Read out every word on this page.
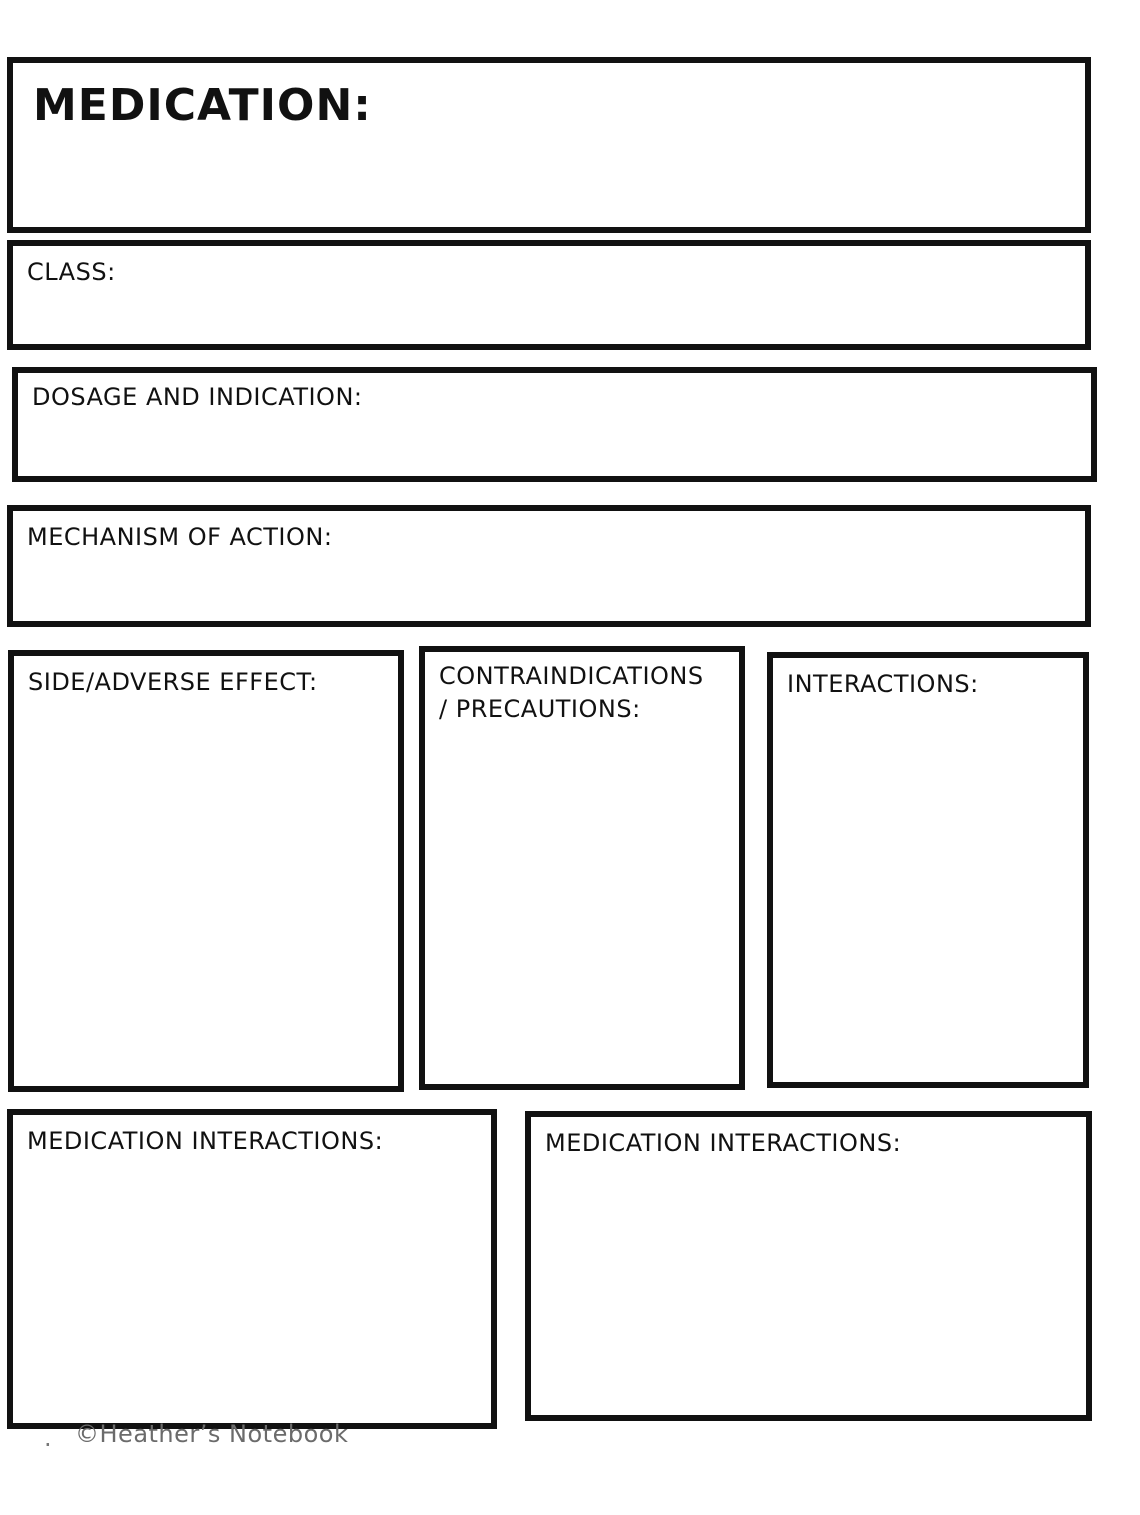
MEDICATION:
CLASS:
DOSAGE AND INDICATION:
MECHANISM OF ACTION:
SIDE/ADVERSE EFFECT:	CONTRAINDICATIONS
/ PRECAUTIONS:
INTERACTIONS:
MEDICATION INTERACTIONS:	MEDICATION INTERACTIONS:
. ©Heather’s Notebook
